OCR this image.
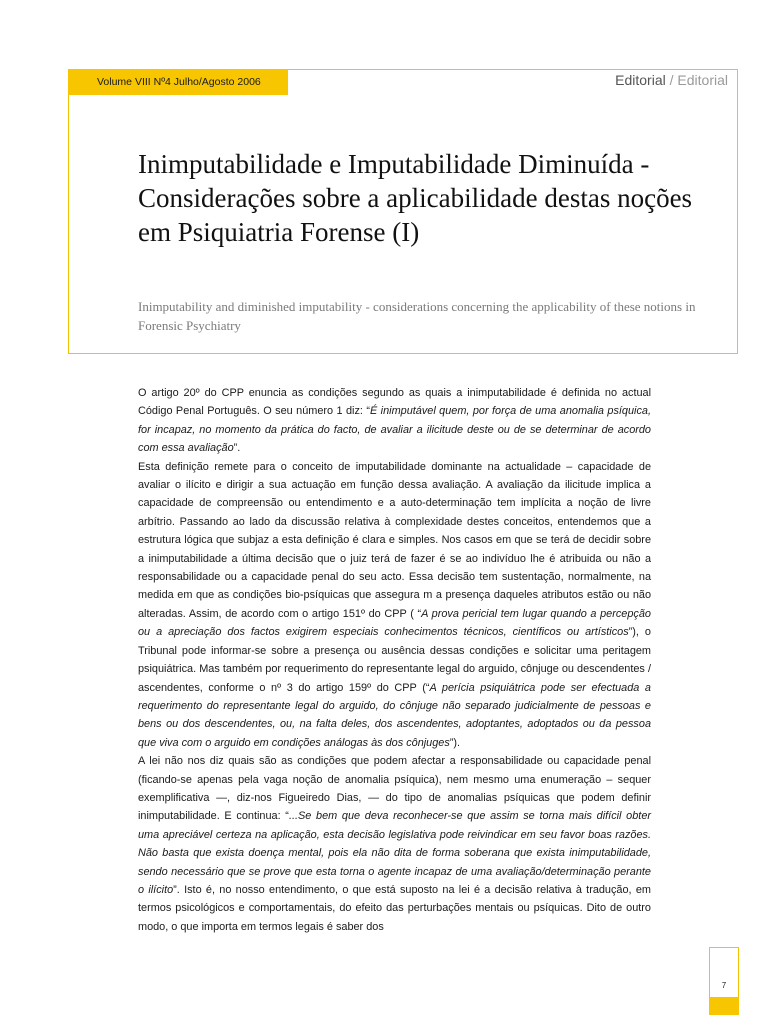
Volume VIII Nº4 Julho/Agosto 2006	Editorial / Editorial
Inimputabilidade e Imputabilidade Diminuída - Considerações sobre a aplicabilidade destas noções em Psiquiatria Forense (I)

Inimputability and diminished imputability - considerations concerning the applicability of these notions in Forensic Psychiatry

O artigo 20º do CPP enuncia as condições segundo as quais a inimputabilidade é definida no actual Código Penal Português. O seu número 1 diz: “É inimputável quem, por força de uma anomalia psíquica, for incapaz, no momento da prática do facto, de avaliar a ilicitude deste ou de se determinar de acordo com essa avaliação”.

Esta definição remete para o conceito de imputabilidade dominante na actualidade – capacidade de avaliar o ilícito e dirigir a sua actuação em função dessa avaliação. A avaliação da ilicitude implica a capacidade de compreensão ou entendimento e a auto-determinação tem implícita a noção de livre arbítrio. Passando ao lado da discussão relativa à complexidade destes conceitos, entendemos que a estrutura lógica que subjaz a esta definição é clara e simples. Nos casos em que se terá de decidir sobre a inimputabilidade a última decisão que o juiz terá de fazer é se ao indivíduo lhe é atribuida ou não a responsabilidade ou a capacidade penal do seu acto. Essa decisão tem sustentação, normalmente, na medida em que as condições bio-psíquicas que assegura m a presença daqueles atributos estão ou não alteradas. Assim, de acordo com o artigo 151º do CPP ( “A prova pericial tem lugar quando a percepção ou a apreciação dos factos exigirem especiais conhecimentos técnicos, científicos ou artísticos”), o Tribunal pode informar-se sobre a presença ou ausência dessas condições e solicitar uma peritagem psiquiátrica. Mas também por requerimento do representante legal do arguido, cônjuge ou descendentes / ascendentes, conforme o nº 3 do artigo 159º do CPP (“A perícia psiquiátrica pode ser efectuada a requerimento do representante legal do arguido, do cônjuge não separado judicialmente de pessoas e bens ou dos descendentes, ou, na falta deles, dos ascendentes, adoptantes, adoptados ou da pessoa que viva com o arguido em condições análogas às dos cônjuges”).

A lei não nos diz quais são as condições que podem afectar a responsabilidade ou capacidade penal (ficando-se apenas pela vaga noção de anomalia psíquica), nem mesmo uma enumeração – sequer exemplificativa —, diz-nos Figueiredo Dias, — do tipo de anomalias psíquicas que podem definir inimputabilidade. E continua: “...Se bem que deva reconhecer-se que assim se torna mais difícil obter uma apreciável certeza na aplicação, esta decisão legislativa pode reivindicar em seu favor boas razões. Não basta que exista doença mental, pois ela não dita de forma soberana que exista inimputabilidade, sendo necessário que se prove que esta torna o agente incapaz de uma avaliação/determinação perante o ilícito”. Isto é, no nosso entendimento, o que está suposto na lei é a decisão relativa à tradução, em termos psicológicos e comportamentais, do efeito das perturbações mentais ou psíquicas. Dito de outro modo, o que importa em termos legais é saber dos

7
